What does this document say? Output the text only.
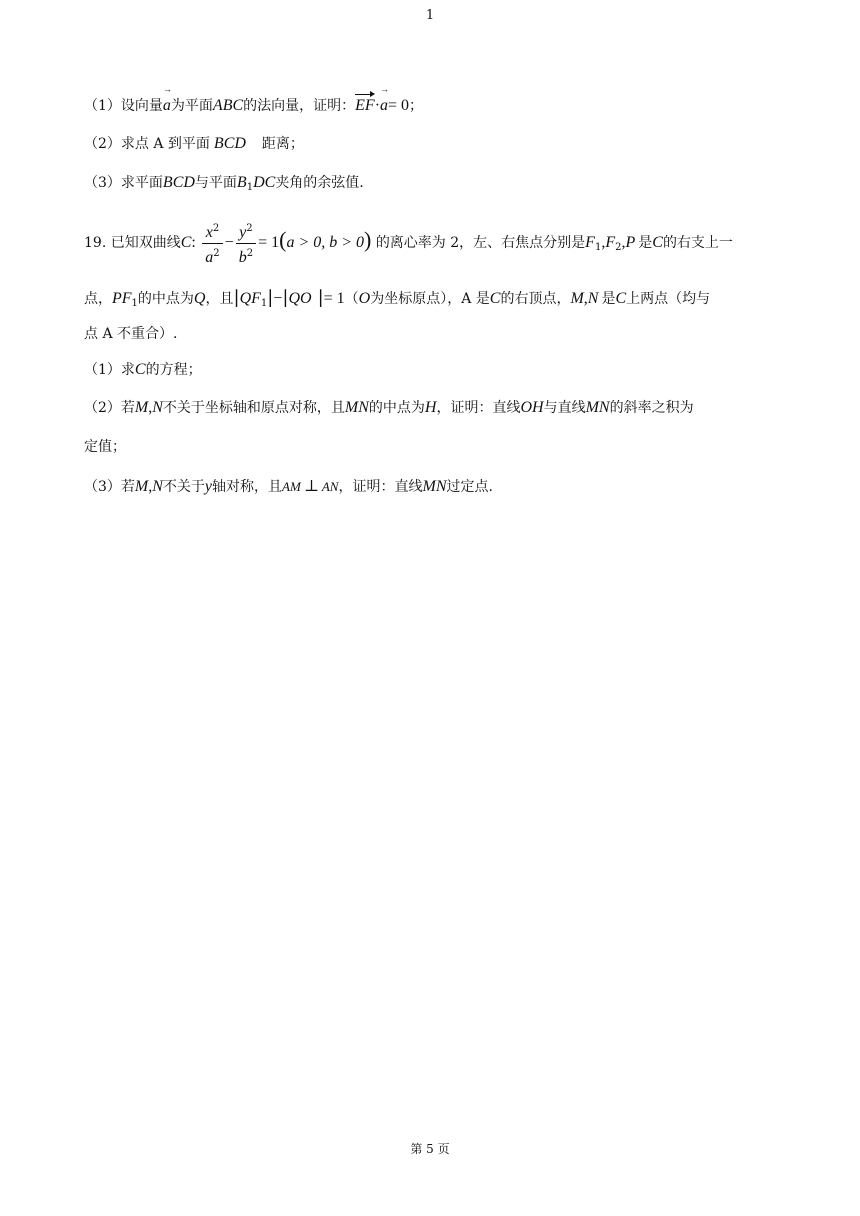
1
（1）设向量→ a为平面ABC的法向量，证明：EF·→ a= 0；
（2）求点 A 到平面 BCD 距离；
（3）求平面BCD与平面$B_1DC$夹角的余弦值.
19. 已知双曲线C: $\frac{x^2}{a^2} - \frac{y^2}{b^2} = 1(a > 0$, b > 0) 的离心率为 2，左、右焦点分别是$F_1,F_2,P$ 是C的右支上一
点，$PF_1$的中点为Q，且$|QF_1|-|QO$ |= 1（O为坐标原点），A 是C的右顶点，M,N 是C上两点（均与
点 A 不重合）.
（1）求C的方程；
（2）若M,N不关于坐标轴和原点对称，且MN的中点为H，证明：直线OH与直线MN的斜率之积为
定值；
（3）若M,N不关于y轴对称，且AM ⊥ AN，证明：直线MN过定点.
第 5 页
